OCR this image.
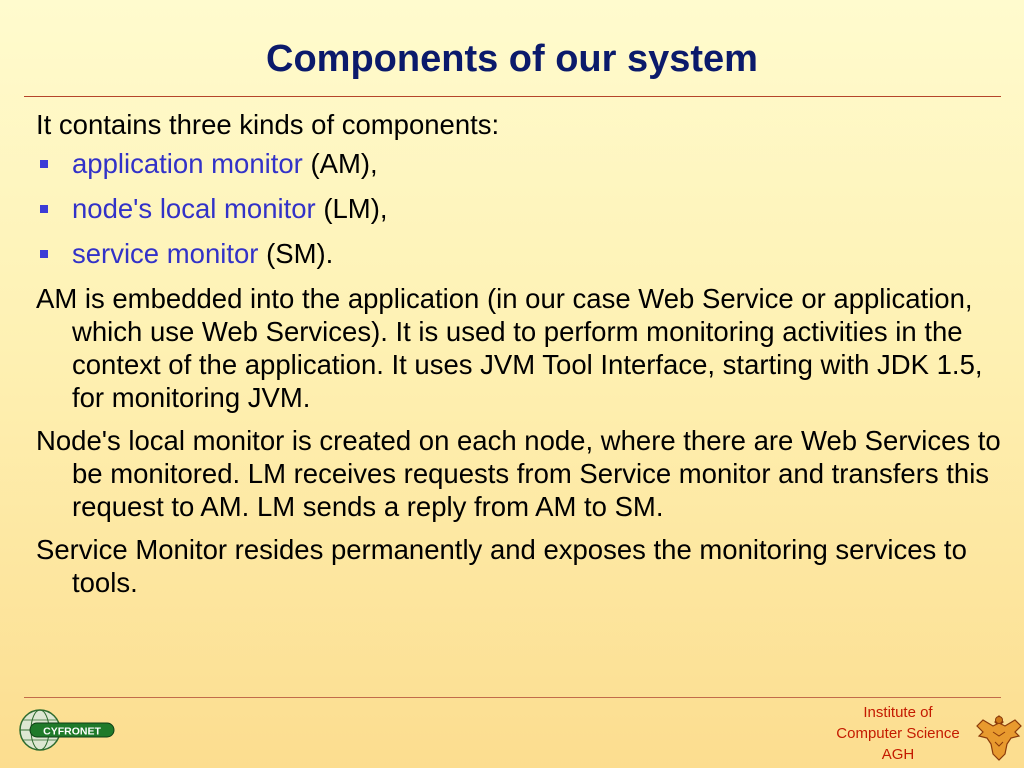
Components of our system

It contains three kinds of components:

application monitor (AM),
node's local monitor (LM),
service monitor (SM).

AM is embedded into the application (in our case Web Service or application, which use Web Services). It is used to perform monitoring activities in the context of the application. It uses JVM Tool Interface, starting with JDK 1.5, for monitoring JVM.

Node's local monitor is created on each node, where there are Web Services to be monitored. LM receives requests from Service monitor and transfers this request to AM. LM sends a reply from AM to SM.

Service Monitor resides permanently and exposes the monitoring services to tools.

CYFRONET
Institute of
Computer Science
AGH
